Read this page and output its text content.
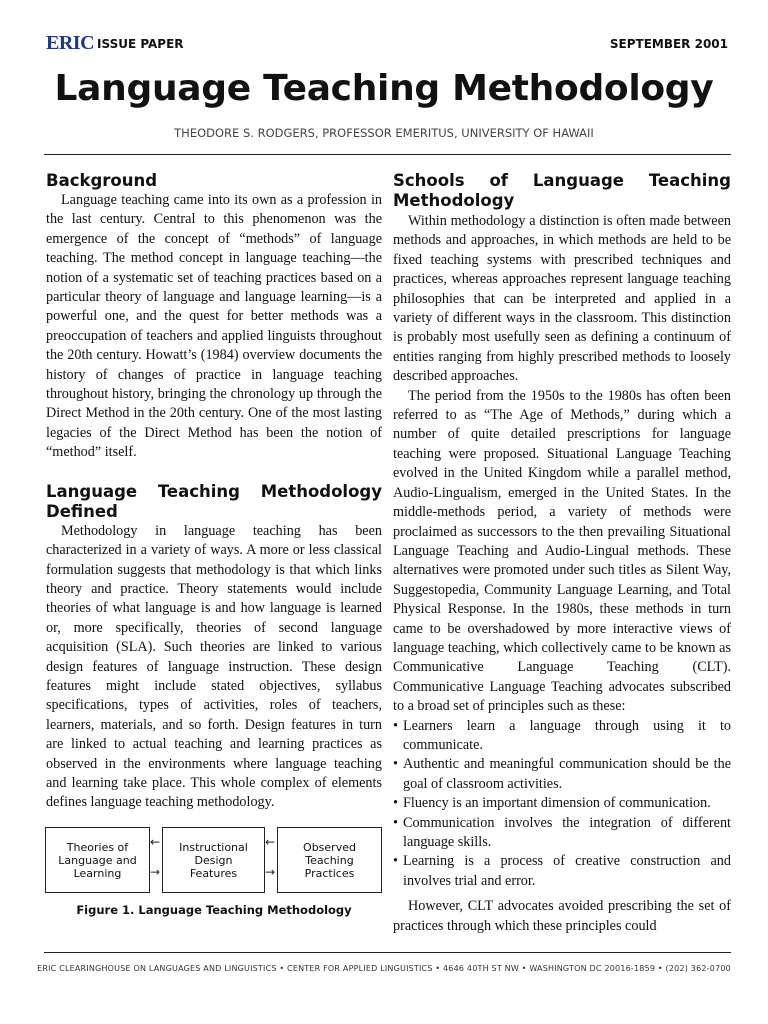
ERIC ISSUE PAPER	SEPTEMBER 2001
Language Teaching Methodology
THEODORE S. RODGERS, PROFESSOR EMERITUS, UNIVERSITY OF HAWAII
Background

Language teaching came into its own as a profession in the last century. Central to this phenomenon was the emergence of the concept of “methods” of language teaching. The method concept in language teaching—the notion of a systematic set of teaching practices based on a particular theory of language and language learning—is a powerful one, and the quest for better methods was a preoccupation of teachers and applied linguists throughout the 20th century. Howatt’s (1984) overview documents the history of changes of practice in language teaching throughout history, bringing the chronology up through the Direct Method in the 20th century. One of the most lasting legacies of the Direct Method has been the notion of “method” itself.

Language Teaching Methodology Defined

Methodology in language teaching has been characterized in a variety of ways. A more or less classical formulation suggests that methodology is that which links theory and practice. Theory statements would include theories of what language is and how language is learned or, more specifically, theories of second language acquisition (SLA). Such theories are linked to various design features of language instruction. These design features might include stated objectives, syllabus specifications, types of activities, roles of teachers, learners, materials, and so forth. Design features in turn are linked to actual teaching and learning practices as observed in the environments where language teaching and learning take place. This whole complex of elements defines language teaching methodology.

Theories of
Language and
Learning
Instructional
Design
Features
Observed
Teaching
Practices
←
→
←
→
Figure 1. Language Teaching Methodology
Schools of Language Teaching Methodology

Within methodology a distinction is often made between methods and approaches, in which methods are held to be fixed teaching systems with prescribed techniques and practices, whereas approaches represent language teaching philosophies that can be interpreted and applied in a variety of different ways in the classroom. This distinction is probably most usefully seen as defining a continuum of entities ranging from highly prescribed methods to loosely described approaches.

The period from the 1950s to the 1980s has often been referred to as “The Age of Methods,” during which a number of quite detailed prescriptions for language teaching were proposed. Situational Language Teaching evolved in the United Kingdom while a parallel method, Audio-Lingualism, emerged in the United States. In the middle-methods period, a variety of methods were proclaimed as successors to the then prevailing Situational Language Teaching and Audio-Lingual methods. These alternatives were promoted under such titles as Silent Way, Suggestopedia, Community Language Learning, and Total Physical Response. In the 1980s, these methods in turn came to be overshadowed by more interactive views of language teaching, which collectively came to be known as Communicative Language Teaching (CLT). Communicative Language Teaching advocates subscribed to a broad set of principles such as these:

• Learners learn a language through using it to communicate.
• Authentic and meaningful communication should be the goal of classroom activities.
• Fluency is an important dimension of communication.
• Communication involves the integration of different language skills.
• Learning is a process of creative construction and involves trial and error.

However, CLT advocates avoided prescribing the set of practices through which these principles could

ERIC CLEARINGHOUSE ON LANGUAGES AND LINGUISTICS • CENTER FOR APPLIED LINGUISTICS • 4646 40TH ST NW • WASHINGTON DC 20016-1859 • (202) 362-0700
